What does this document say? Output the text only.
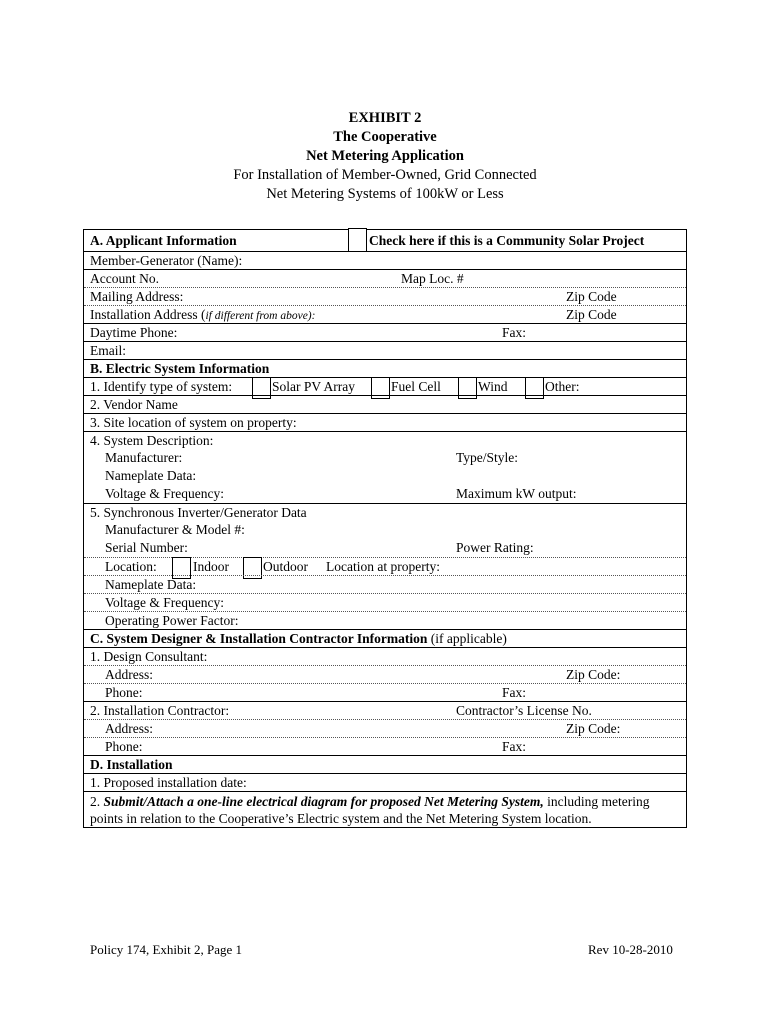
EXHIBIT 2
The Cooperative
Net Metering Application
For Installation of Member-Owned, Grid Connected
Net Metering Systems of 100kW or Less
A. Applicant Information	Check here if this is a Community Solar Project
Member-Generator (Name):
Account No.	Map Loc. #
Mailing Address:	Zip Code
Installation Address (if different from above):	Zip Code
Daytime Phone:	Fax:
Email:
B. Electric System Information
1. Identify type of system:	Solar PV Array	Fuel Cell	Wind	Other:
2. Vendor Name
3. Site location of system on property:
4. System Description:
Manufacturer:	Type/Style:
Nameplate Data:
Voltage & Frequency:	Maximum kW output:
5. Synchronous Inverter/Generator Data
Manufacturer & Model #:
Serial Number:	Power Rating:
Location:	Indoor	Outdoor Location at property:
Nameplate Data:
Voltage & Frequency:
Operating Power Factor:
C. System Designer & Installation Contractor Information (if applicable)
1. Design Consultant:
Address:	Zip Code:
Phone:	Fax:
2. Installation Contractor:	Contractor’s License No.
Address:	Zip Code:
Phone:	Fax:
D. Installation
1. Proposed installation date:
2. Submit/Attach a one-line electrical diagram for proposed Net Metering System, including metering
points in relation to the Cooperative’s Electric system and the Net Metering System location.
Policy 174, Exhibit 2, Page 1	Rev 10-28-2010
